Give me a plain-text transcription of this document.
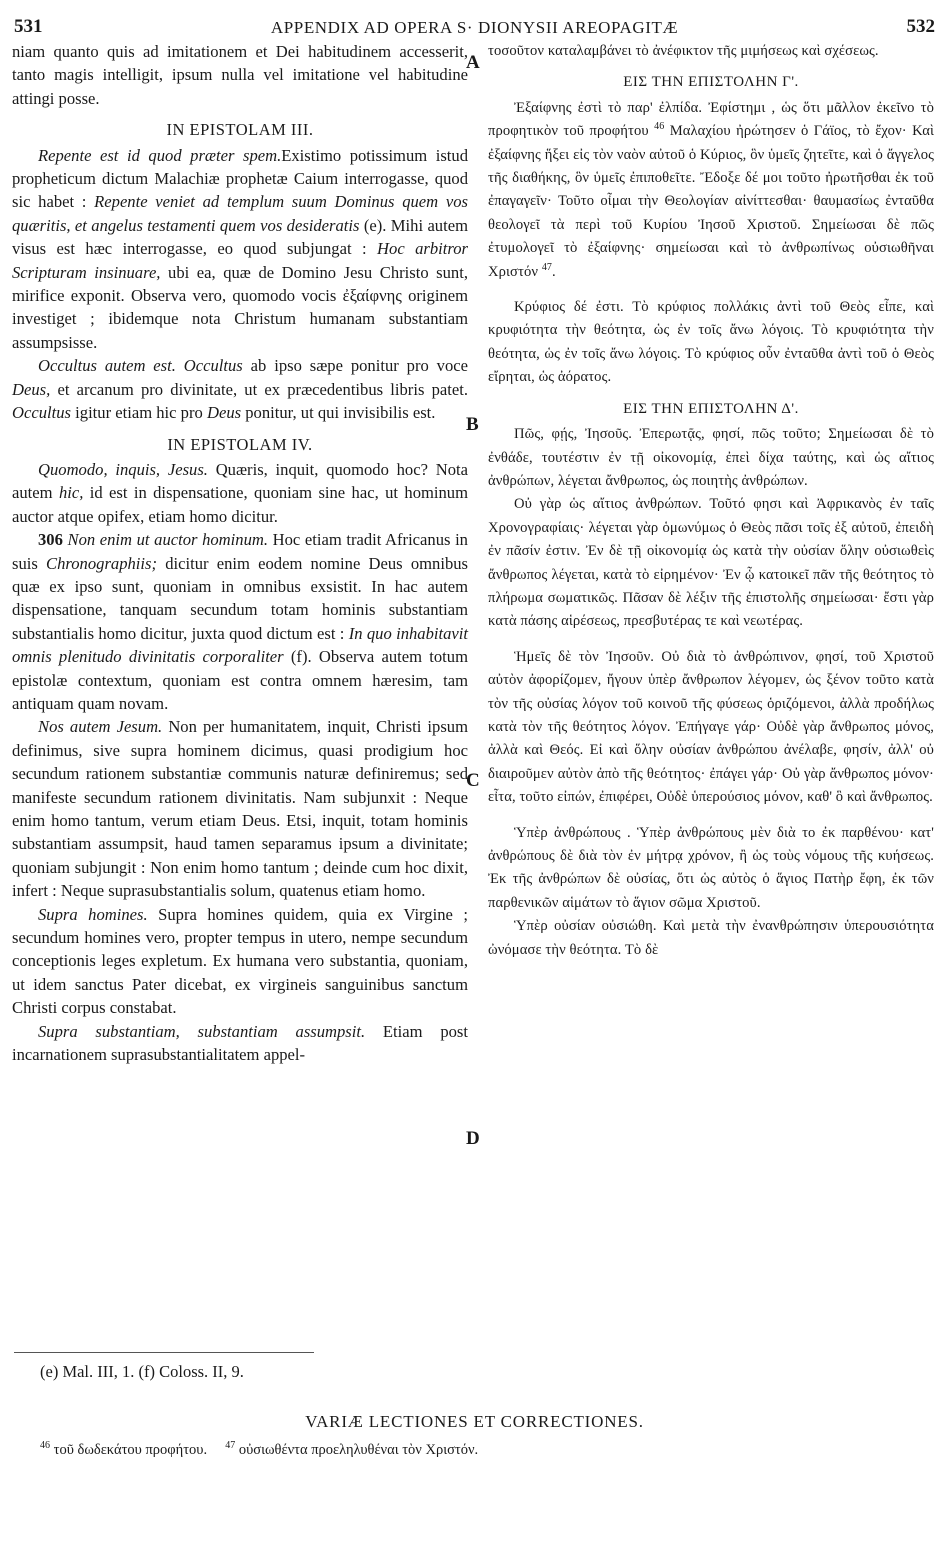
531	APPENDIX AD OPERA S· DIONYSII AREOPAGITÆ	532
A
B
C
D

niam quanto quis ad imitationem et Dei habitudinem accesserit, tanto magis intelligit, ipsum nulla vel imitatione vel habitudine attingi posse.

IN EPISTOLAM III.

Repente est id quod præter spem.Existimo potissimum istud propheticum dictum Malachiæ prophetæ Caium interrogasse, quod sic habet : Repente veniet ad templum suum Dominus quem vos quæritis, et angelus testamenti quem vos desideratis (e). Mihi autem visus est hæc interrogasse, eo quod subjungat : Hoc arbitror Scripturam insinuare, ubi ea, quæ de Domino Jesu Christo sunt, mirifice exponit. Observa vero, quomodo vocis ἐξαίφνης originem investiget ; ibidemque nota Christum humanam substantiam assumpsisse.

Occultus autem est. Occultus ab ipso sæpe ponitur pro voce Deus, et arcanum pro divinitate, ut ex præcedentibus libris patet. Occultus igitur etiam hic pro Deus ponitur, ut qui invisibilis est.

IN EPISTOLAM IV.

Quomodo, inquis, Jesus. Quæris, inquit, quomodo hoc? Nota autem hic, id est in dispensatione, quoniam sine hac, ut hominum auctor atque opifex, etiam homo dicitur.

306 Non enim ut auctor hominum. Hoc etiam tradit Africanus in suis Chronographiis; dicitur enim eodem nomine Deus omnibus quæ ex ipso sunt, quoniam in omnibus exsistit. In hac autem dispensatione, tanquam secundum totam hominis substantiam substantialis homo dicitur, juxta quod dictum est : In quo inhabitavit omnis plenitudo divinitatis corporaliter (f). Observa autem totum epistolæ contextum, quoniam est contra omnem hæresim, tam antiquam quam novam.

Nos autem Jesum. Non per humanitatem, inquit, Christi ipsum definimus, sive supra hominem dicimus, quasi prodigium hoc secundum rationem substantiæ communis naturæ definiremus; sed manifeste secundum rationem divinitatis. Nam subjunxit : Neque enim homo tantum, verum etiam Deus. Etsi, inquit, totam hominis substantiam assumpsit, haud tamen separamus ipsum a divinitate; quoniam subjungit : Non enim homo tantum ; deinde cum hoc dixit, infert : Neque suprasubstantialis solum, quatenus etiam homo.

Supra homines. Supra homines quidem, quia ex Virgine ; secundum homines vero, propter tempus in utero, nempe secundum conceptionis leges expletum. Ex humana vero substantia, quoniam, ut idem sanctus Pater dicebat, ex virgineis sanguinibus sanctum Christi corpus constabat.

Supra substantiam, substantiam assumpsit. Etiam post incarnationem suprasubstantialitatem appel-

τοσοῦτον καταλαμβάνει τὸ ἀνέφικτον τῆς μιμήσεως καὶ σχέσεως.

ΕΙΣ ΤΗΝ ΕΠΙΣΤΟΛΗΝ Γ'.

Ἐξαίφνης ἐστὶ τὸ παρ' ἐλπίδα. Ἐφίστημι , ὡς ὅτι μᾶλλον ἐκεῖνο τὸ προφητικὸν τοῦ προφήτου $^{46}$ Μαλαχίου ἠρώτησεν ὁ Γάϊος, τὸ ἔχον· Καὶ ἐξαίφνης ἥξει εἰς τὸν ναὸν αὐτοῦ ὁ Κύριος, ὃν ὑμεῖς ζητεῖτε, καὶ ὁ ἄγγελος τῆς διαθήκης, ὃν ὑμεῖς ἐπιποθεῖτε. Ἔδοξε δέ μοι τοῦτο ἠρωτῆσθαι ἐκ τοῦ ἐπαγαγεῖν· Τοῦτο οἶμαι τὴν Θεολογίαν αἰνίττεσθαι· θαυμασίως ἐνταῦθα θεολογεῖ τὰ περὶ τοῦ Κυρίου Ἰησοῦ Χριστοῦ. Σημείωσαι δὲ πῶς ἐτυμολογεῖ τὸ ἐξαίφνης· σημείωσαι καὶ τὸ ἀνθρωπίνως οὐσιωθῆναι Χριστόν $^{47}$.

Κρύφιος δέ ἐστι. Τὸ κρύφιος πολλάκις ἀντὶ τοῦ Θεὸς εἶπε, καὶ κρυφιότητα τὴν θεότητα, ὡς ἐν τοῖς ἄνω λόγοις. Τὸ κρυφιότητα τὴν θεότητα, ὡς ἐν τοῖς ἄνω λόγοις. Τὸ κρύφιος οὖν ἐνταῦθα ἀντὶ τοῦ ὁ Θεὸς εἴρηται, ὡς ἀόρατος.

ΕΙΣ ΤΗΝ ΕΠΙΣΤΟΛΗΝ Δ'.

Πῶς, φῄς, Ἰησοῦς. Ἐπερωτᾷς, φησί, πῶς τοῦτο; Σημείωσαι δὲ τὸ ἐνθάδε, τουτέστιν ἐν τῇ οἰκονομίᾳ, ἐπεὶ δίχα ταύτης, καὶ ὡς αἴτιος ἀνθρώπων, λέγεται ἄνθρωπος, ὡς ποιητὴς ἀνθρώπων.

Οὐ γὰρ ὡς αἴτιος ἀνθρώπων. Τοῦτό φησι καὶ Ἀφρικανὸς ἐν ταῖς Χρονογραφίαις· λέγεται γὰρ ὁμωνύμως ὁ Θεὸς πᾶσι τοῖς ἐξ αὐτοῦ, ἐπειδὴ ἐν πᾶσίν ἐστιν. Ἐν δὲ τῇ οἰκονομίᾳ ὡς κατὰ τὴν οὐσίαν ὅλην οὐσιωθεὶς ἄνθρωπος λέγεται, κατὰ τὸ εἰρημένον· Ἐν ᾧ κατοικεῖ πᾶν τῆς θεότητος τὸ πλήρωμα σωματικῶς. Πᾶσαν δὲ λέξιν τῆς ἐπιστολῆς σημείωσαι· ἔστι γὰρ κατὰ πάσης αἱρέσεως, πρεσβυτέρας τε καὶ νεωτέρας.

Ἡμεῖς δὲ τὸν Ἰησοῦν. Οὐ διὰ τὸ ἀνθρώπινον, φησί, τοῦ Χριστοῦ αὐτὸν ἀφορίζομεν, ἤγουν ὑπὲρ ἄνθρωπον λέγομεν, ὡς ξένον τοῦτο κατὰ τὸν τῆς οὐσίας λόγον τοῦ κοινοῦ τῆς φύσεως ὁριζόμενοι, ἀλλὰ προδήλως κατὰ τὸν τῆς θεότητος λόγον. Ἐπήγαγε γάρ· Οὐδὲ γὰρ ἄνθρωπος μόνος, ἀλλὰ καὶ Θεός. Εἰ καὶ ὅλην οὐσίαν ἀνθρώπου ἀνέλαβε, φησίν, ἀλλ' οὐ διαιροῦμεν αὐτὸν ἀπὸ τῆς θεότητος· ἐπάγει γάρ· Οὐ γὰρ ἄνθρωπος μόνον· εἶτα, τοῦτο εἰπών, ἐπιφέρει, Οὐδὲ ὑπερούσιος μόνον, καθ' ὃ καὶ ἄνθρωπος.

Ὑπὲρ ἀνθρώπους . Ὑπὲρ ἀνθρώπους μὲν διὰ το ἐκ παρθένου· κατ' ἀνθρώπους δὲ διὰ τὸν ἐν μήτρᾳ χρόνον, ἢ ὡς τοὺς νόμους τῆς κυήσεως. Ἐκ τῆς ἀνθρώπων δὲ οὐσίας, ὅτι ὡς αὐτὸς ὁ ἅγιος Πατὴρ ἔφη, ἐκ τῶν παρθενικῶν αἱμάτων τὸ ἅγιον σῶμα Χριστοῦ.

Ὑπὲρ οὐσίαν οὐσιώθη. Καὶ μετὰ τὴν ἐνανθρώπησιν ὑπερουσιότητα ὠνόμασε τὴν θεότητα. Τὸ δὲ

(e) Mal. III, 1. (f) Coloss. II, 9.
VARIÆ LECTIONES ET CORRECTIONES.
$^{46}$ τοῦ δωδεκάτου προφήτου. $^{47}$ οὐσιωθέντα προεληλυθέναι τὸν Χριστόν.
